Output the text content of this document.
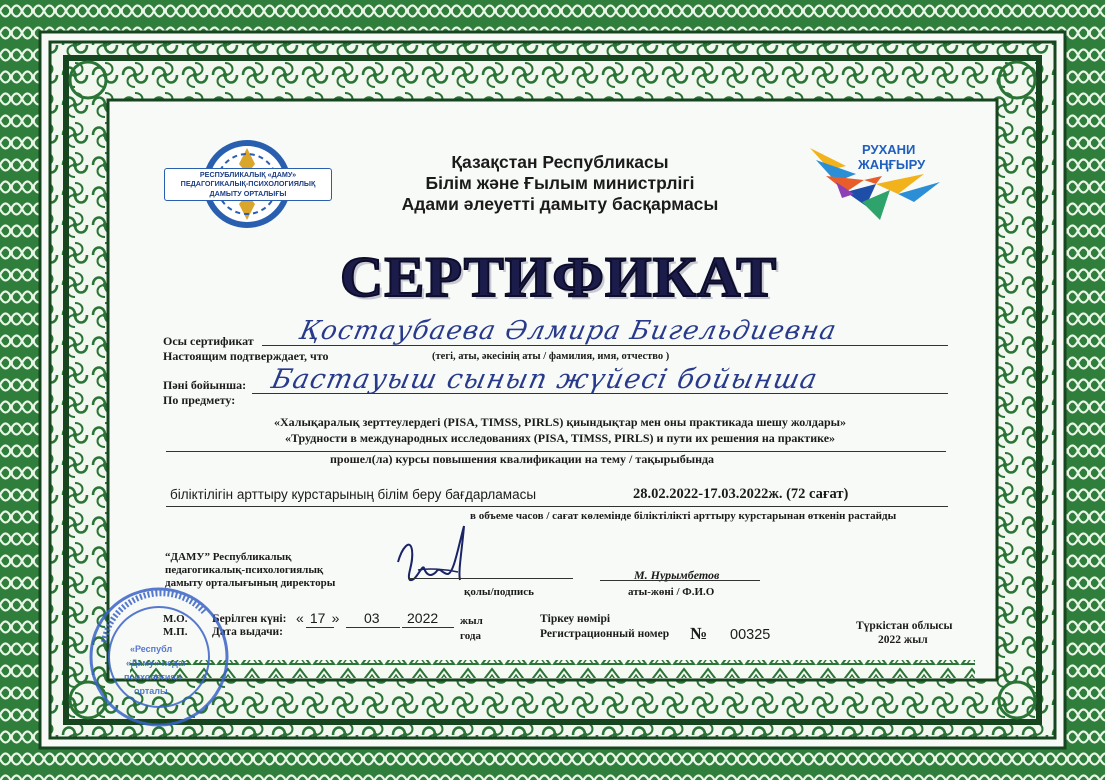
РЕСПУБЛИКАЛЫҚ «ДАМУ»
ПЕДАГОГИКАЛЫҚ-ПСИХОЛОГИЯЛЫҚ
ДАМЫТУ ОРТАЛЫҒЫ
РУХАНИ
ЖАҢҒЫРУ
Қазақстан Республикасы
Білім және Ғылым министрлігі
Адами әлеуетті дамыту басқармасы
СЕРТИФИКАТ
Осы сертификат
Настоящим подтверждает, что
Қостаубаева Әлмира Бигельдиевна
(тегі, аты, әкесінің аты / фамилия, имя, отчество )
Пәні бойынша:
По предмету:
Бастауыш сынып жүйесі бойынша
«Халықаралық зерттеулердегі (PISA, TIMSS, PIRLS) қиындықтар мен оны практикада шешу жолдары»
«Трудности в международных исследованиях (PISA, TIMSS, PIRLS) и пути их решения на практике»
прошел(ла) курсы повышения квалификации на тему / тақырыбында
біліктілігін арттыру курстарының білім беру бағдарламасы	28.02.2022-17.03.2022ж. (72 сағат)
в объеме часов / сағат көлемінде біліктілікті арттыру курстарынан өткенін растайды
“ДАМУ” Республикалық
педагогикалық-психологиялық
дамыту орталығының директоры
қолы/подпись
М. Нурымбетов
аты-жөні / Ф.И.О
М.О.
М.П.
Берілген күні:
Дата выдачи:
« 17 » 03 2022 жыл
года
Тіркеу нөмірі
Регистрационный номер № 00325
Түркістан облысы
2022 жыл
«Республ
«Даму» педаг
психологиял
орталы
